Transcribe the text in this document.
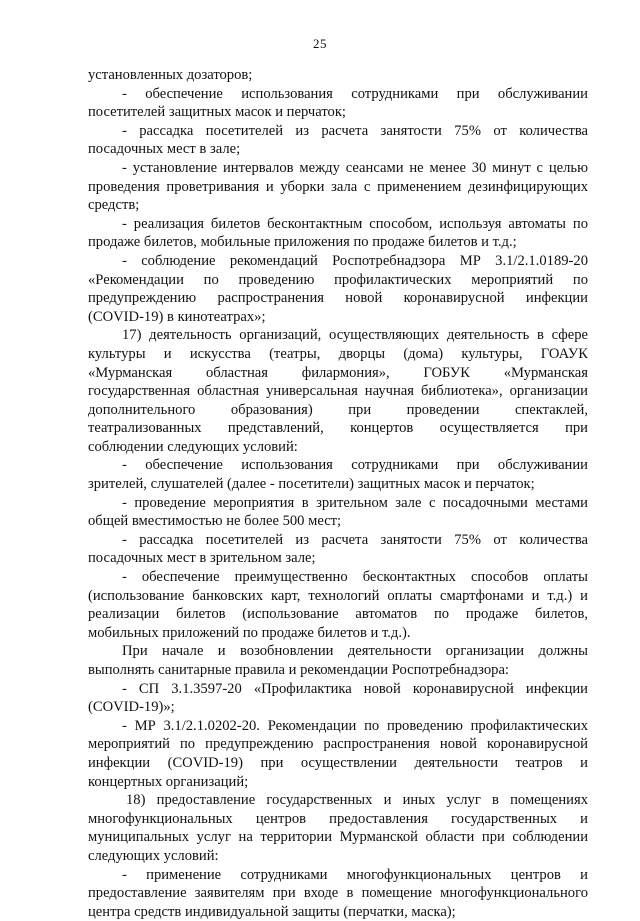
25
установленных дозаторов;
- обеспечение использования сотрудниками при обслуживании
посетителей защитных масок и перчаток;
- рассадка посетителей из расчета занятости 75% от количества
посадочных мест в зале;
- установление интервалов между сеансами не менее 30 минут с целью
проведения проветривания и уборки зала с применением дезинфицирующих
средств;
- реализация билетов бесконтактным способом, используя автоматы по
продаже билетов, мобильные приложения по продаже билетов и т.д.;
- соблюдение рекомендаций Роспотребнадзора МР 3.1/2.1.0189-20
«Рекомендации по проведению профилактических мероприятий по
предупреждению распространения новой коронавирусной инфекции
(COVID-19) в кинотеатрах»;
17) деятельность организаций, осуществляющих деятельность в сфере
культуры и искусства (театры, дворцы (дома) культуры, ГОАУК
«Мурманская областная филармония», ГОБУК «Мурманская
государственная областная универсальная научная библиотека», организации
дополнительного образования) при проведении спектаклей,
театрализованных представлений, концертов осуществляется при
соблюдении следующих условий:
- обеспечение использования сотрудниками при обслуживании
зрителей, слушателей (далее - посетители) защитных масок и перчаток;
- проведение мероприятия в зрительном зале с посадочными местами
общей вместимостью не более 500 мест;
- рассадка посетителей из расчета занятости 75% от количества
посадочных мест в зрительном зале;
- обеспечение преимущественно бесконтактных способов оплаты
(использование банковских карт, технологий оплаты смартфонами и т.д.) и
реализации билетов (использование автоматов по продаже билетов,
мобильных приложений по продаже билетов и т.д.).
При начале и возобновлении деятельности организации должны
выполнять санитарные правила и рекомендации Роспотребнадзора:
- СП 3.1.3597-20 «Профилактика новой коронавирусной инфекции
(COVID-19)»;
- МР 3.1/2.1.0202-20. Рекомендации по проведению профилактических
мероприятий по предупреждению распространения новой коронавирусной
инфекции (COVID-19) при осуществлении деятельности театров и
концертных организаций;
18) предоставление государственных и иных услуг в помещениях
многофункциональных центров предоставления государственных и
муниципальных услуг на территории Мурманской области при соблюдении
следующих условий:
- применение сотрудниками многофункциональных центров и
предоставление заявителям при входе в помещение многофункционального
центра средств индивидуальной защиты (перчатки, маска);
